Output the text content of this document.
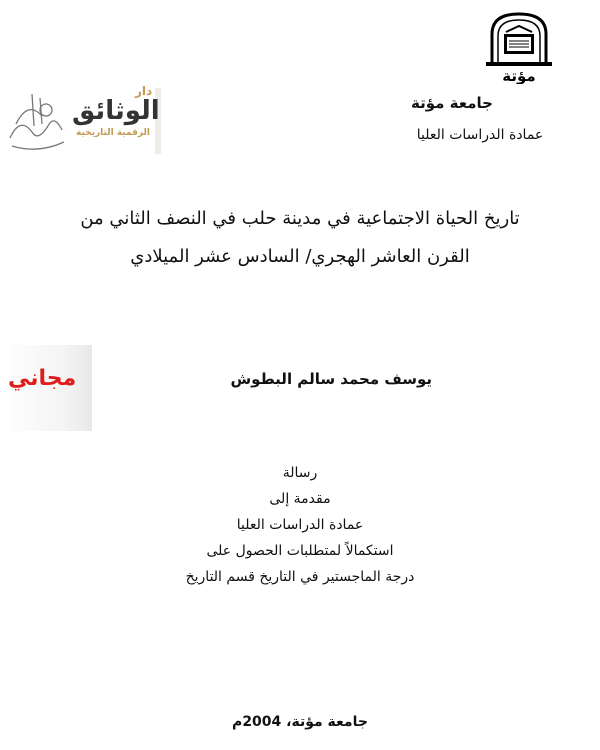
مؤتة
جامعة مؤتة
عمادة الدراسات العليا
دار
الوثائق
الرقمية التاريخية
تاريخ الحياة الاجتماعية في مدينة حلب في النصف الثاني من
القرن العاشر الهجري/ السادس عشر الميلادي
مجاني	يوسف محمد سالم البطوش
رسالة
مقدمة إلى
عمادة الدراسات العليا
استكمالاً لمتطلبات الحصول على
درجة الماجستير في التاريخ قسم التاريخ
جامعة مؤتة، 2004م
